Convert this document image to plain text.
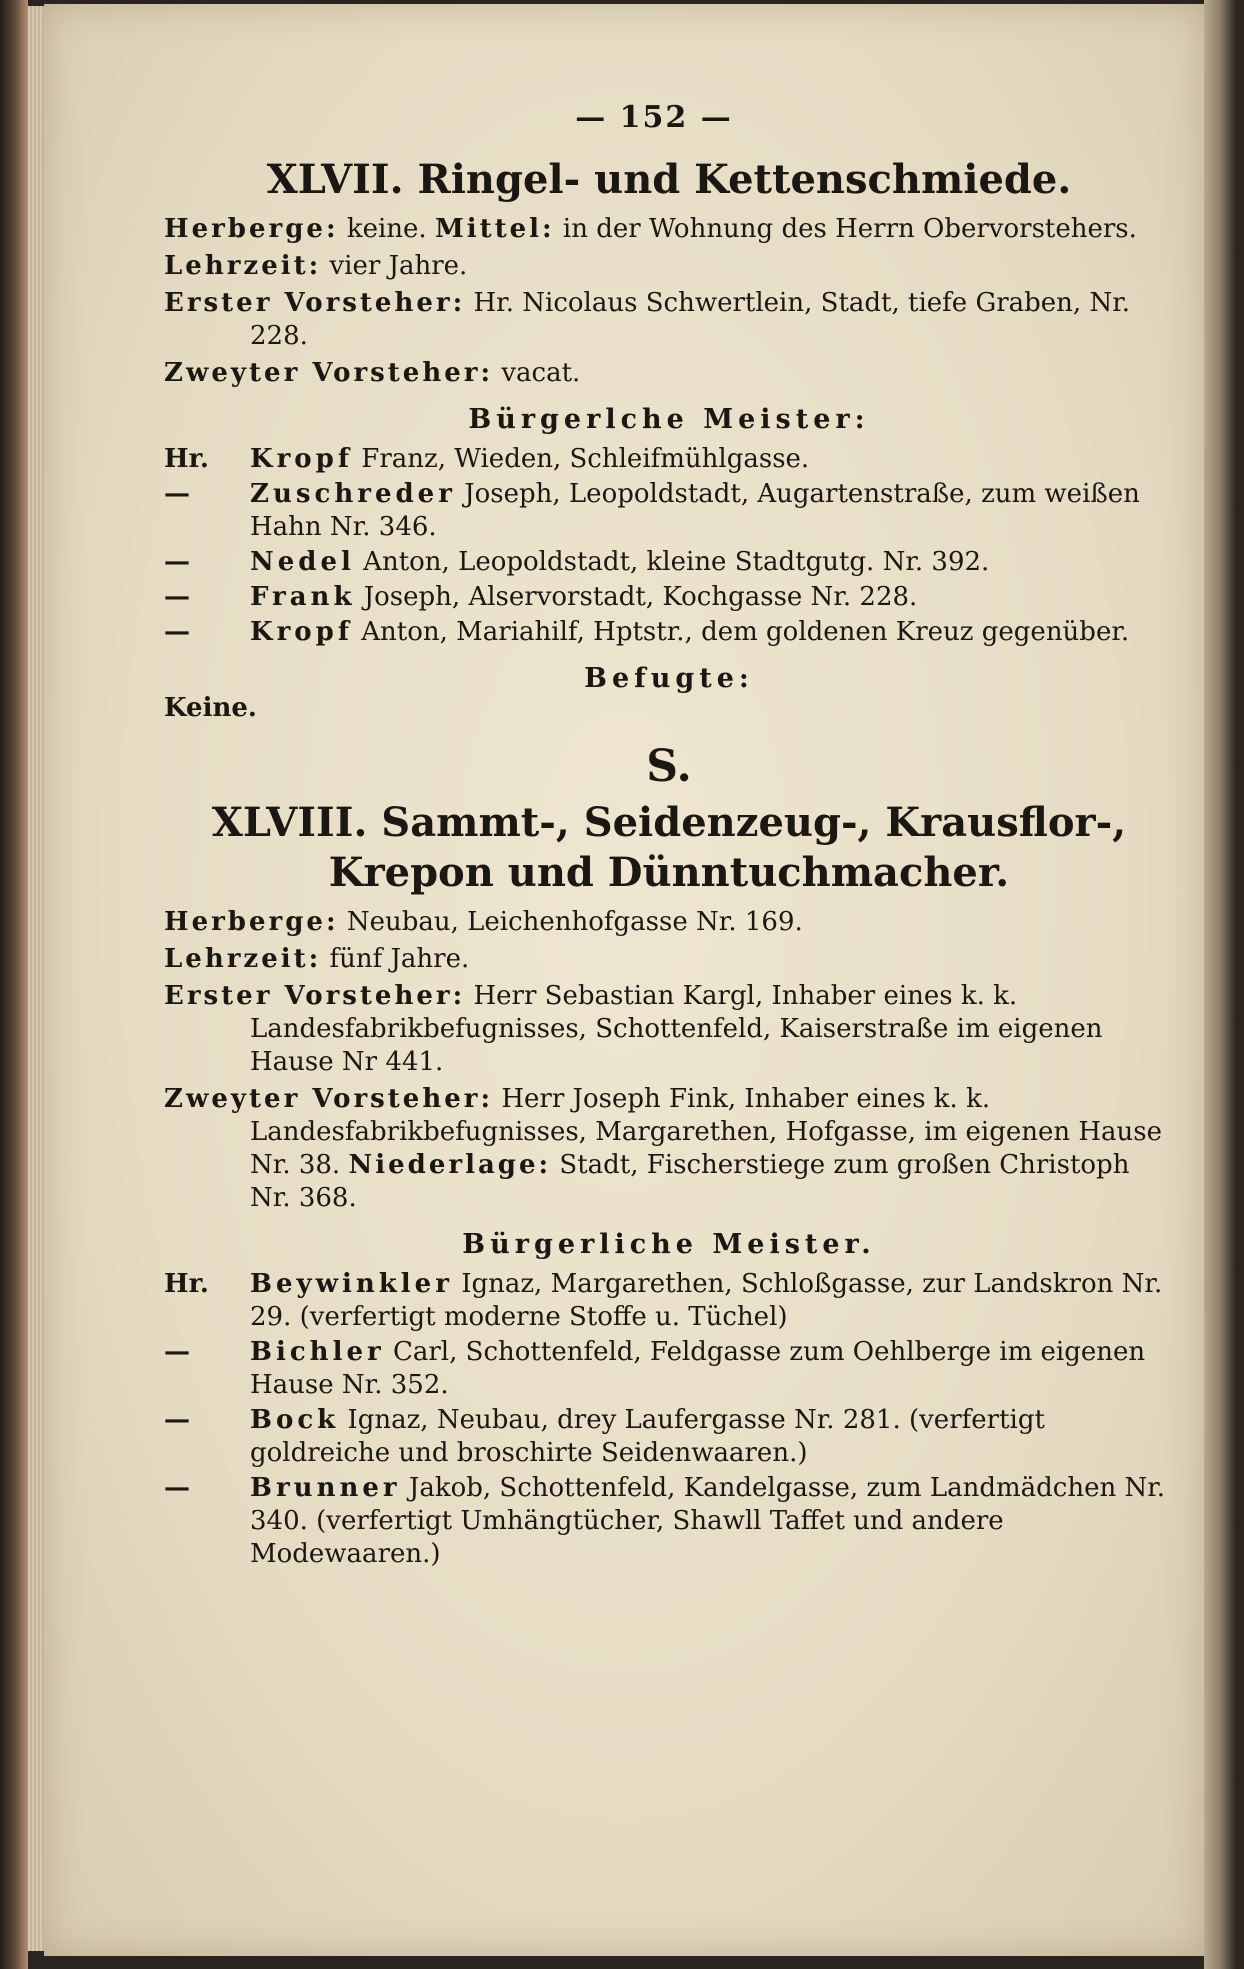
— 152 —
XLVII. Ringel- und Kettenschmiede.
Herberge: keine. Mittel: in der Wohnung des Herrn Obervorstehers.
Lehrzeit: vier Jahre.
Erster Vorsteher: Hr. Nicolaus Schwertlein, Stadt, tiefe Graben, Nr. 228.
Zweyter Vorsteher: vacat.
Bürgerlche Meister:
Hr. Kropf Franz, Wieden, Schleifmühlgasse.
— Zuschreder Joseph, Leopoldstadt, Augartenstraße, zum weißen Hahn Nr. 346.
— Nedel Anton, Leopoldstadt, kleine Stadtgutg. Nr. 392.
— Frank Joseph, Alservorstadt, Kochgasse Nr. 228.
— Kropf Anton, Mariahilf, Hptstr., dem goldenen Kreuz gegenüber.
Befugte:
Keine.
S.
XLVIII. Sammt-, Seidenzeug-, Krausflor-,
Krepon und Dünntuchmacher.
Herberge: Neubau, Leichenhofgasse Nr. 169.
Lehrzeit: fünf Jahre.
Erster Vorsteher: Herr Sebastian Kargl, Inhaber eines k. k. Landesfabrikbefugnisses, Schottenfeld, Kaiserstraße im eigenen Hause Nr 441.
Zweyter Vorsteher: Herr Joseph Fink, Inhaber eines k. k. Landesfabrikbefugnisses, Margarethen, Hofgasse, im eigenen Hause Nr. 38. Niederlage: Stadt, Fischerstiege zum großen Christoph Nr. 368.
Bürgerliche Meister.
Hr. Beywinkler Ignaz, Margarethen, Schloßgasse, zur Landskron Nr. 29. (verfertigt moderne Stoffe u. Tüchel)
— Bichler Carl, Schottenfeld, Feldgasse zum Oehlberge im eigenen Hause Nr. 352.
— Bock Ignaz, Neubau, drey Laufergasse Nr. 281. (verfertigt goldreiche und broschirte Seidenwaaren.)
— Brunner Jakob, Schottenfeld, Kandelgasse, zum Landmädchen Nr. 340. (verfertigt Umhängtücher, Shawll Taffet und andere Modewaaren.)
